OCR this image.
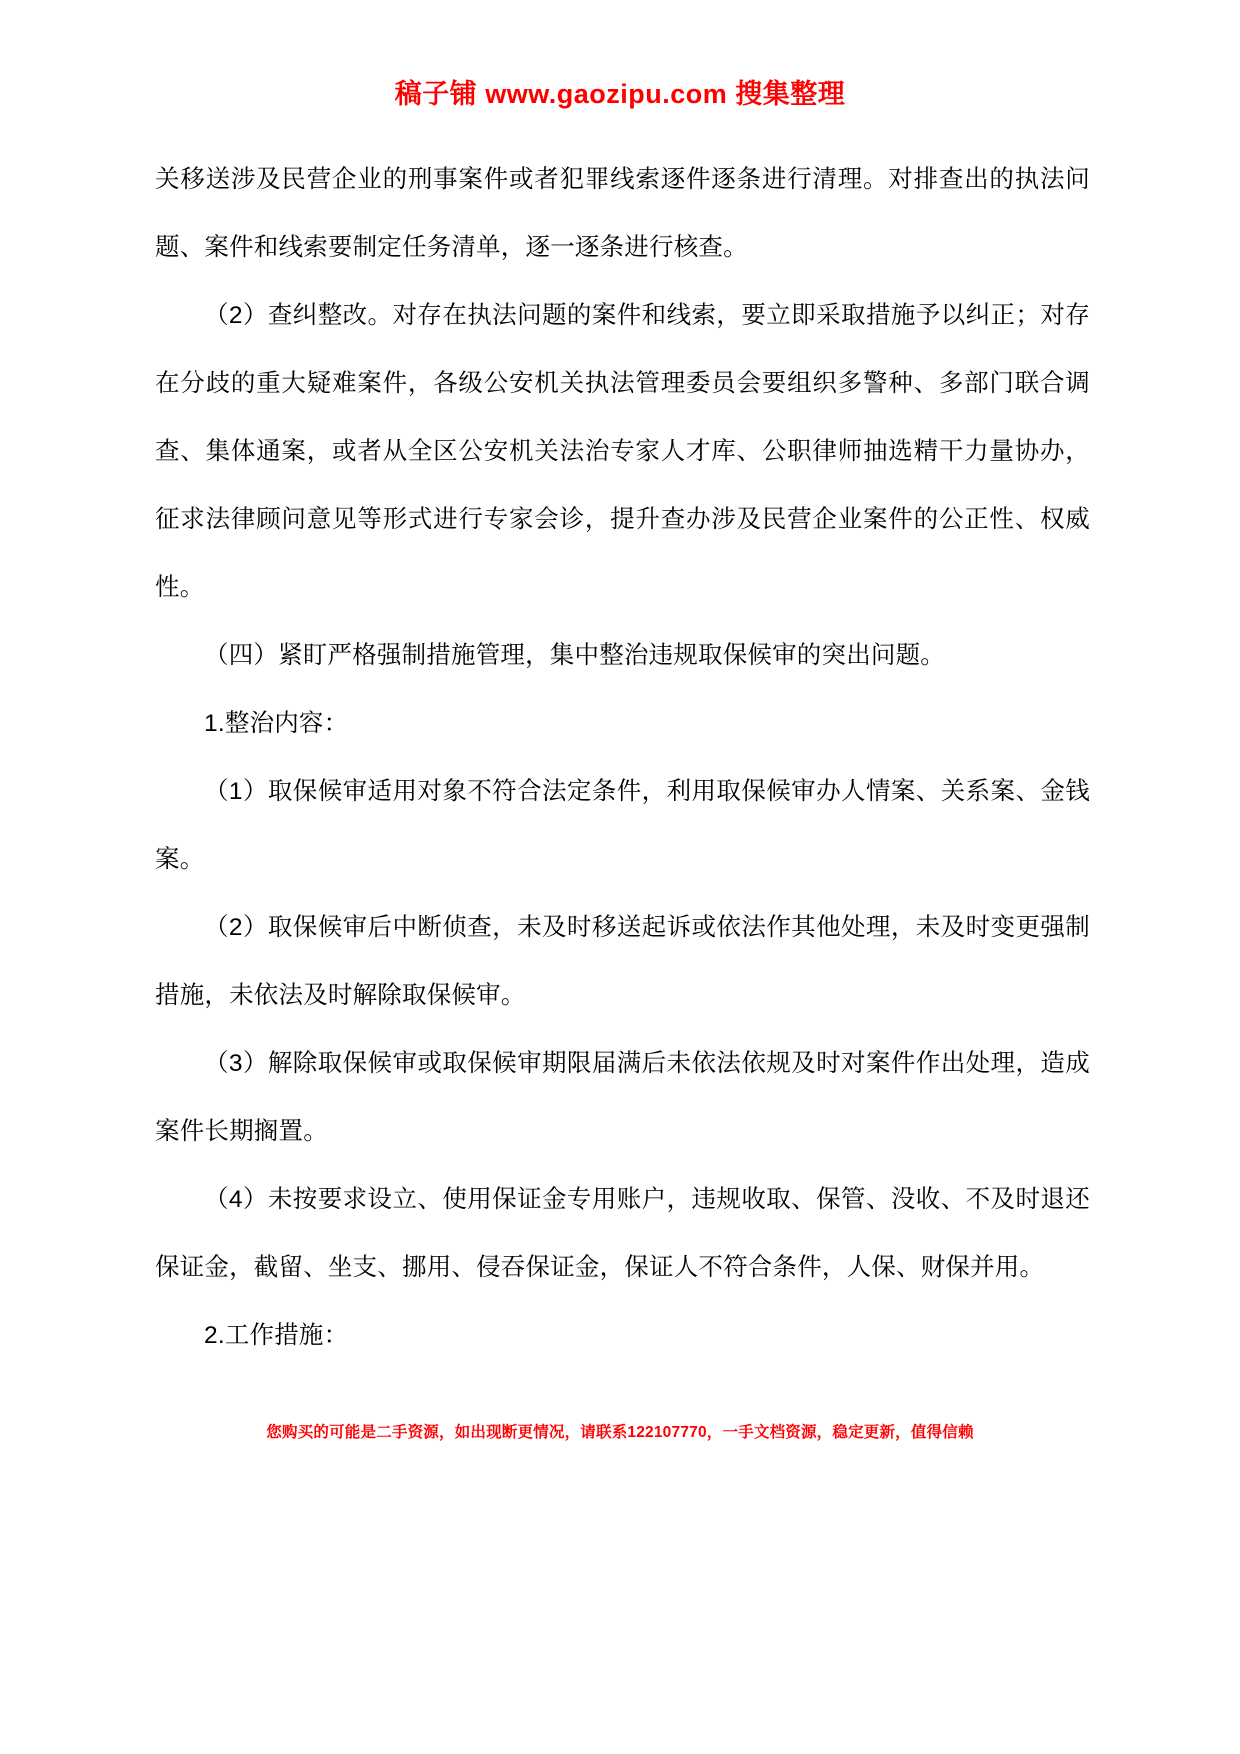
稿子铺 www.gaozipu.com 搜集整理

关移送涉及民营企业的刑事案件或者犯罪线索逐件逐条进行清理。对排查出的执法问题、案件和线索要制定任务清单，逐一逐条进行核查。

（2）查纠整改。对存在执法问题的案件和线索，要立即采取措施予以纠正；对存在分歧的重大疑难案件，各级公安机关执法管理委员会要组织多警种、多部门联合调查、集体通案，或者从全区公安机关法治专家人才库、公职律师抽选精干力量协办，征求法律顾问意见等形式进行专家会诊，提升查办涉及民营企业案件的公正性、权威性。

（四）紧盯严格强制措施管理，集中整治违规取保候审的突出问题。

1.整治内容：

（1）取保候审适用对象不符合法定条件，利用取保候审办人情案、关系案、金钱案。

（2）取保候审后中断侦查，未及时移送起诉或依法作其他处理，未及时变更强制措施，未依法及时解除取保候审。

（3）解除取保候审或取保候审期限届满后未依法依规及时对案件作出处理，造成案件长期搁置。

（4）未按要求设立、使用保证金专用账户，违规收取、保管、没收、不及时退还保证金，截留、坐支、挪用、侵吞保证金，保证人不符合条件，人保、财保并用。

2.工作措施：

您购买的可能是二手资源，如出现断更情况，请联系122107770，一手文档资源，稳定更新，值得信赖
